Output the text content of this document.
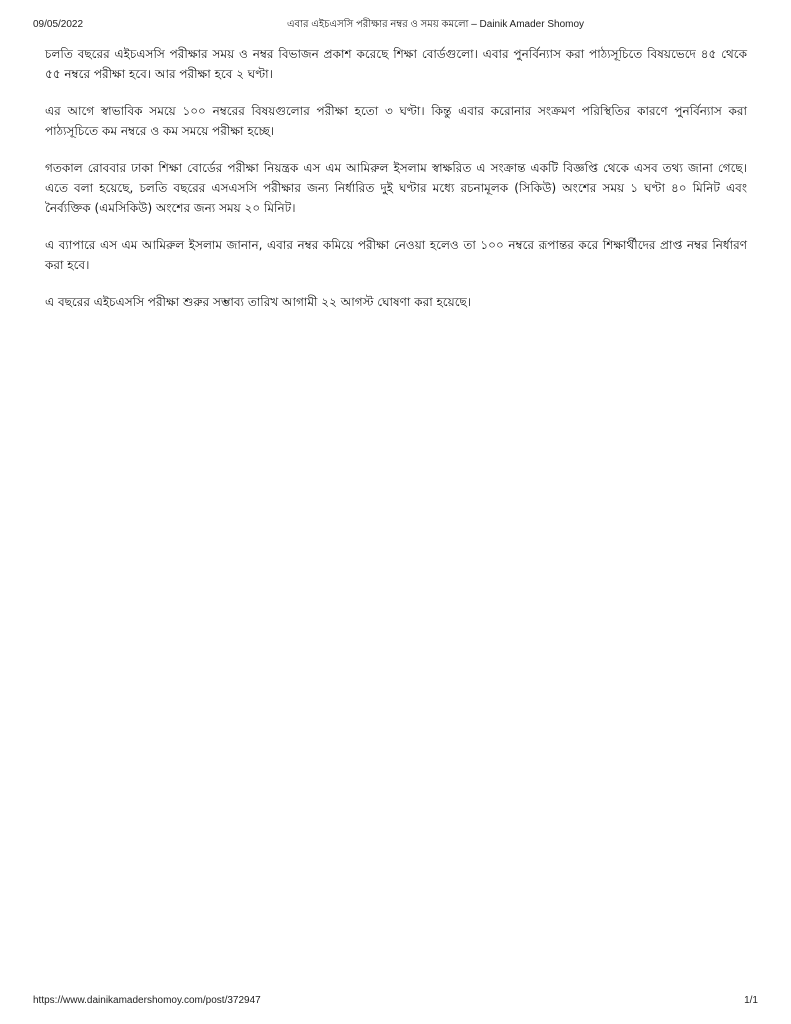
09/05/2022	এবার এইচএসসি পরীক্ষার নম্বর ও সময় কমলো – Dainik Amader Shomoy

চলতি বছরের এইচএসসি পরীক্ষার সময় ও নম্বর বিভাজন প্রকাশ করেছে শিক্ষা বোর্ডগুলো। এবার পুনর্বিন্যাস করা পাঠ্যসূচিতে বিষয়ভেদে ৪৫ থেকে ৫৫ নম্বরে পরীক্ষা হবে। আর পরীক্ষা হবে ২ ঘণ্টা।

এর আগে স্বাভাবিক সময়ে ১০০ নম্বরের বিষয়গুলোর পরীক্ষা হতো ৩ ঘণ্টা। কিন্তু এবার করোনার সংক্রমণ পরিস্থিতির কারণে পুনর্বিন্যাস করা পাঠ্যসূচিতে কম নম্বরে ও কম সময়ে পরীক্ষা হচ্ছে।

গতকাল রোববার ঢাকা শিক্ষা বোর্ডের পরীক্ষা নিয়ন্ত্রক এস এম আমিরুল ইসলাম স্বাক্ষরিত এ সংক্রান্ত একটি বিজ্ঞপ্তি থেকে এসব তথ্য জানা গেছে। এতে বলা হয়েছে, চলতি বছরের এসএসসি পরীক্ষার জন্য নির্ধারিত দুই ঘণ্টার মধ্যে রচনামূলক (সিকিউ) অংশের সময় ১ ঘণ্টা ৪০ মিনিট এবং নৈর্ব্যক্তিক (এমসিকিউ) অংশের জন্য সময় ২০ মিনিট।

এ ব্যাপারে এস এম আমিরুল ইসলাম জানান, এবার নম্বর কমিয়ে পরীক্ষা নেওয়া হলেও তা ১০০ নম্বরে রূপান্তর করে শিক্ষার্থীদের প্রাপ্ত নম্বর নির্ধারণ করা হবে।

এ বছরের এইচএসসি পরীক্ষা শুরুর সম্ভাব্য তারিখ আগামী ২২ আগস্ট ঘোষণা করা হয়েছে।

https://www.dainikamadershomoy.com/post/372947	1/1
